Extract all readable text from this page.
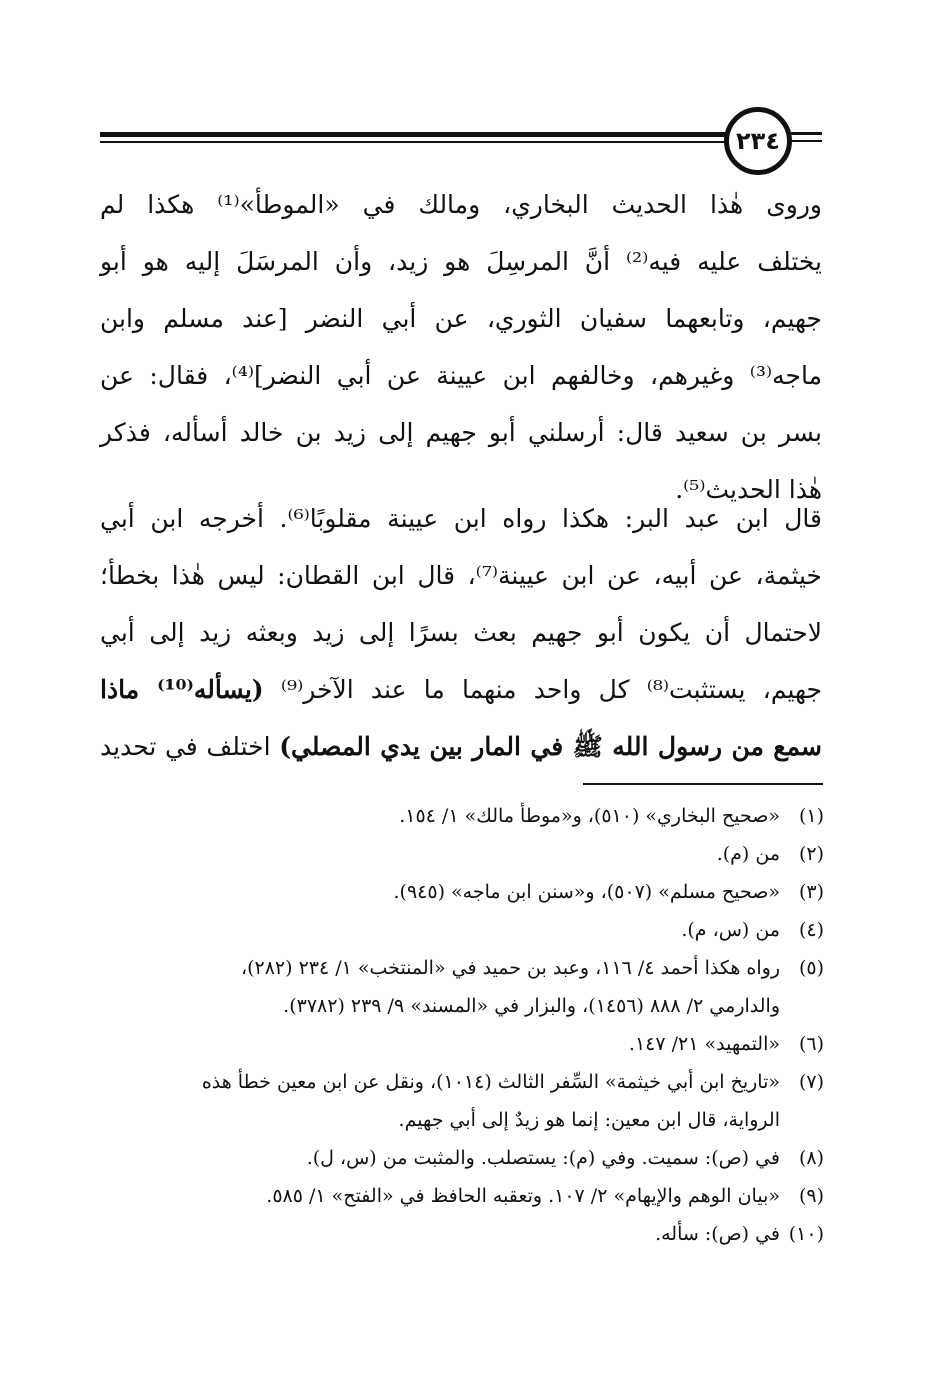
٢٣٤
وروى هٰذا الحديث البخاري، ومالك في «الموطأ»⁽¹⁾ هكذا لم
يختلف عليه فيه⁽²⁾ أنَّ المرسِلَ هو زيد، وأن المرسَلَ إليه هو أبو
جهيم، وتابعهما سفيان الثوري، عن أبي النضر [عند مسلم وابن
ماجه⁽³⁾ وغيرهم، وخالفهم ابن عيينة عن أبي النضر]⁽⁴⁾، فقال: عن
بسر بن سعيد قال: أرسلني أبو جهيم إلى زيد بن خالد أسأله، فذكر
هٰذا الحديث⁽⁵⁾.
قال ابن عبد البر: هكذا رواه ابن عيينة مقلوبًا⁽⁶⁾. أخرجه ابن أبي
خيثمة، عن أبيه، عن ابن عيينة⁽⁷⁾، قال ابن القطان: ليس هٰذا بخطأ؛
لاحتمال أن يكون أبو جهيم بعث بسرًا إلى زيد وبعثه زيد إلى أبي
جهيم، يستثبت⁽⁸⁾ كل واحد منهما ما عند الآخر⁽⁹⁾ (يسأله⁽¹⁰⁾ ماذا
سمع من رسول الله ﷺ في المار بين يدي المصلي) اختلف في تحديد
(١)
«صحيح البخاري» (٥١٠)، و«موطأ مالك» ١/ ١٥٤.
(٢)
من (م).
(٣)
«صحيح مسلم» (٥٠٧)، و«سنن ابن ماجه» (٩٤٥).
(٤)
من (س، م).
(٥)
رواه هكذا أحمد ٤/ ١١٦، وعبد بن حميد في «المنتخب» ١/ ٢٣٤ (٢٨٢)،
والدارمي ٢/ ٨٨٨ (١٤٥٦)، والبزار في «المسند» ٩/ ٢٣٩ (٣٧٨٢).
(٦)
«التمهيد» ٢١/ ١٤٧.
(٧)
«تاريخ ابن أبي خيثمة» السِّفر الثالث (١٠١٤)، ونقل عن ابن معين خطأ هذه
الرواية، قال ابن معين: إنما هو زيدٌ إلى أبي جهيم.
(٨)
في (ص): سميت. وفي (م): يستصلب. والمثبت من (س، ل).
(٩)
«بيان الوهم والإيهام» ٢/ ١٠٧. وتعقبه الحافظ في «الفتح» ١/ ٥٨٥.
(١٠)
في (ص): سأله.
